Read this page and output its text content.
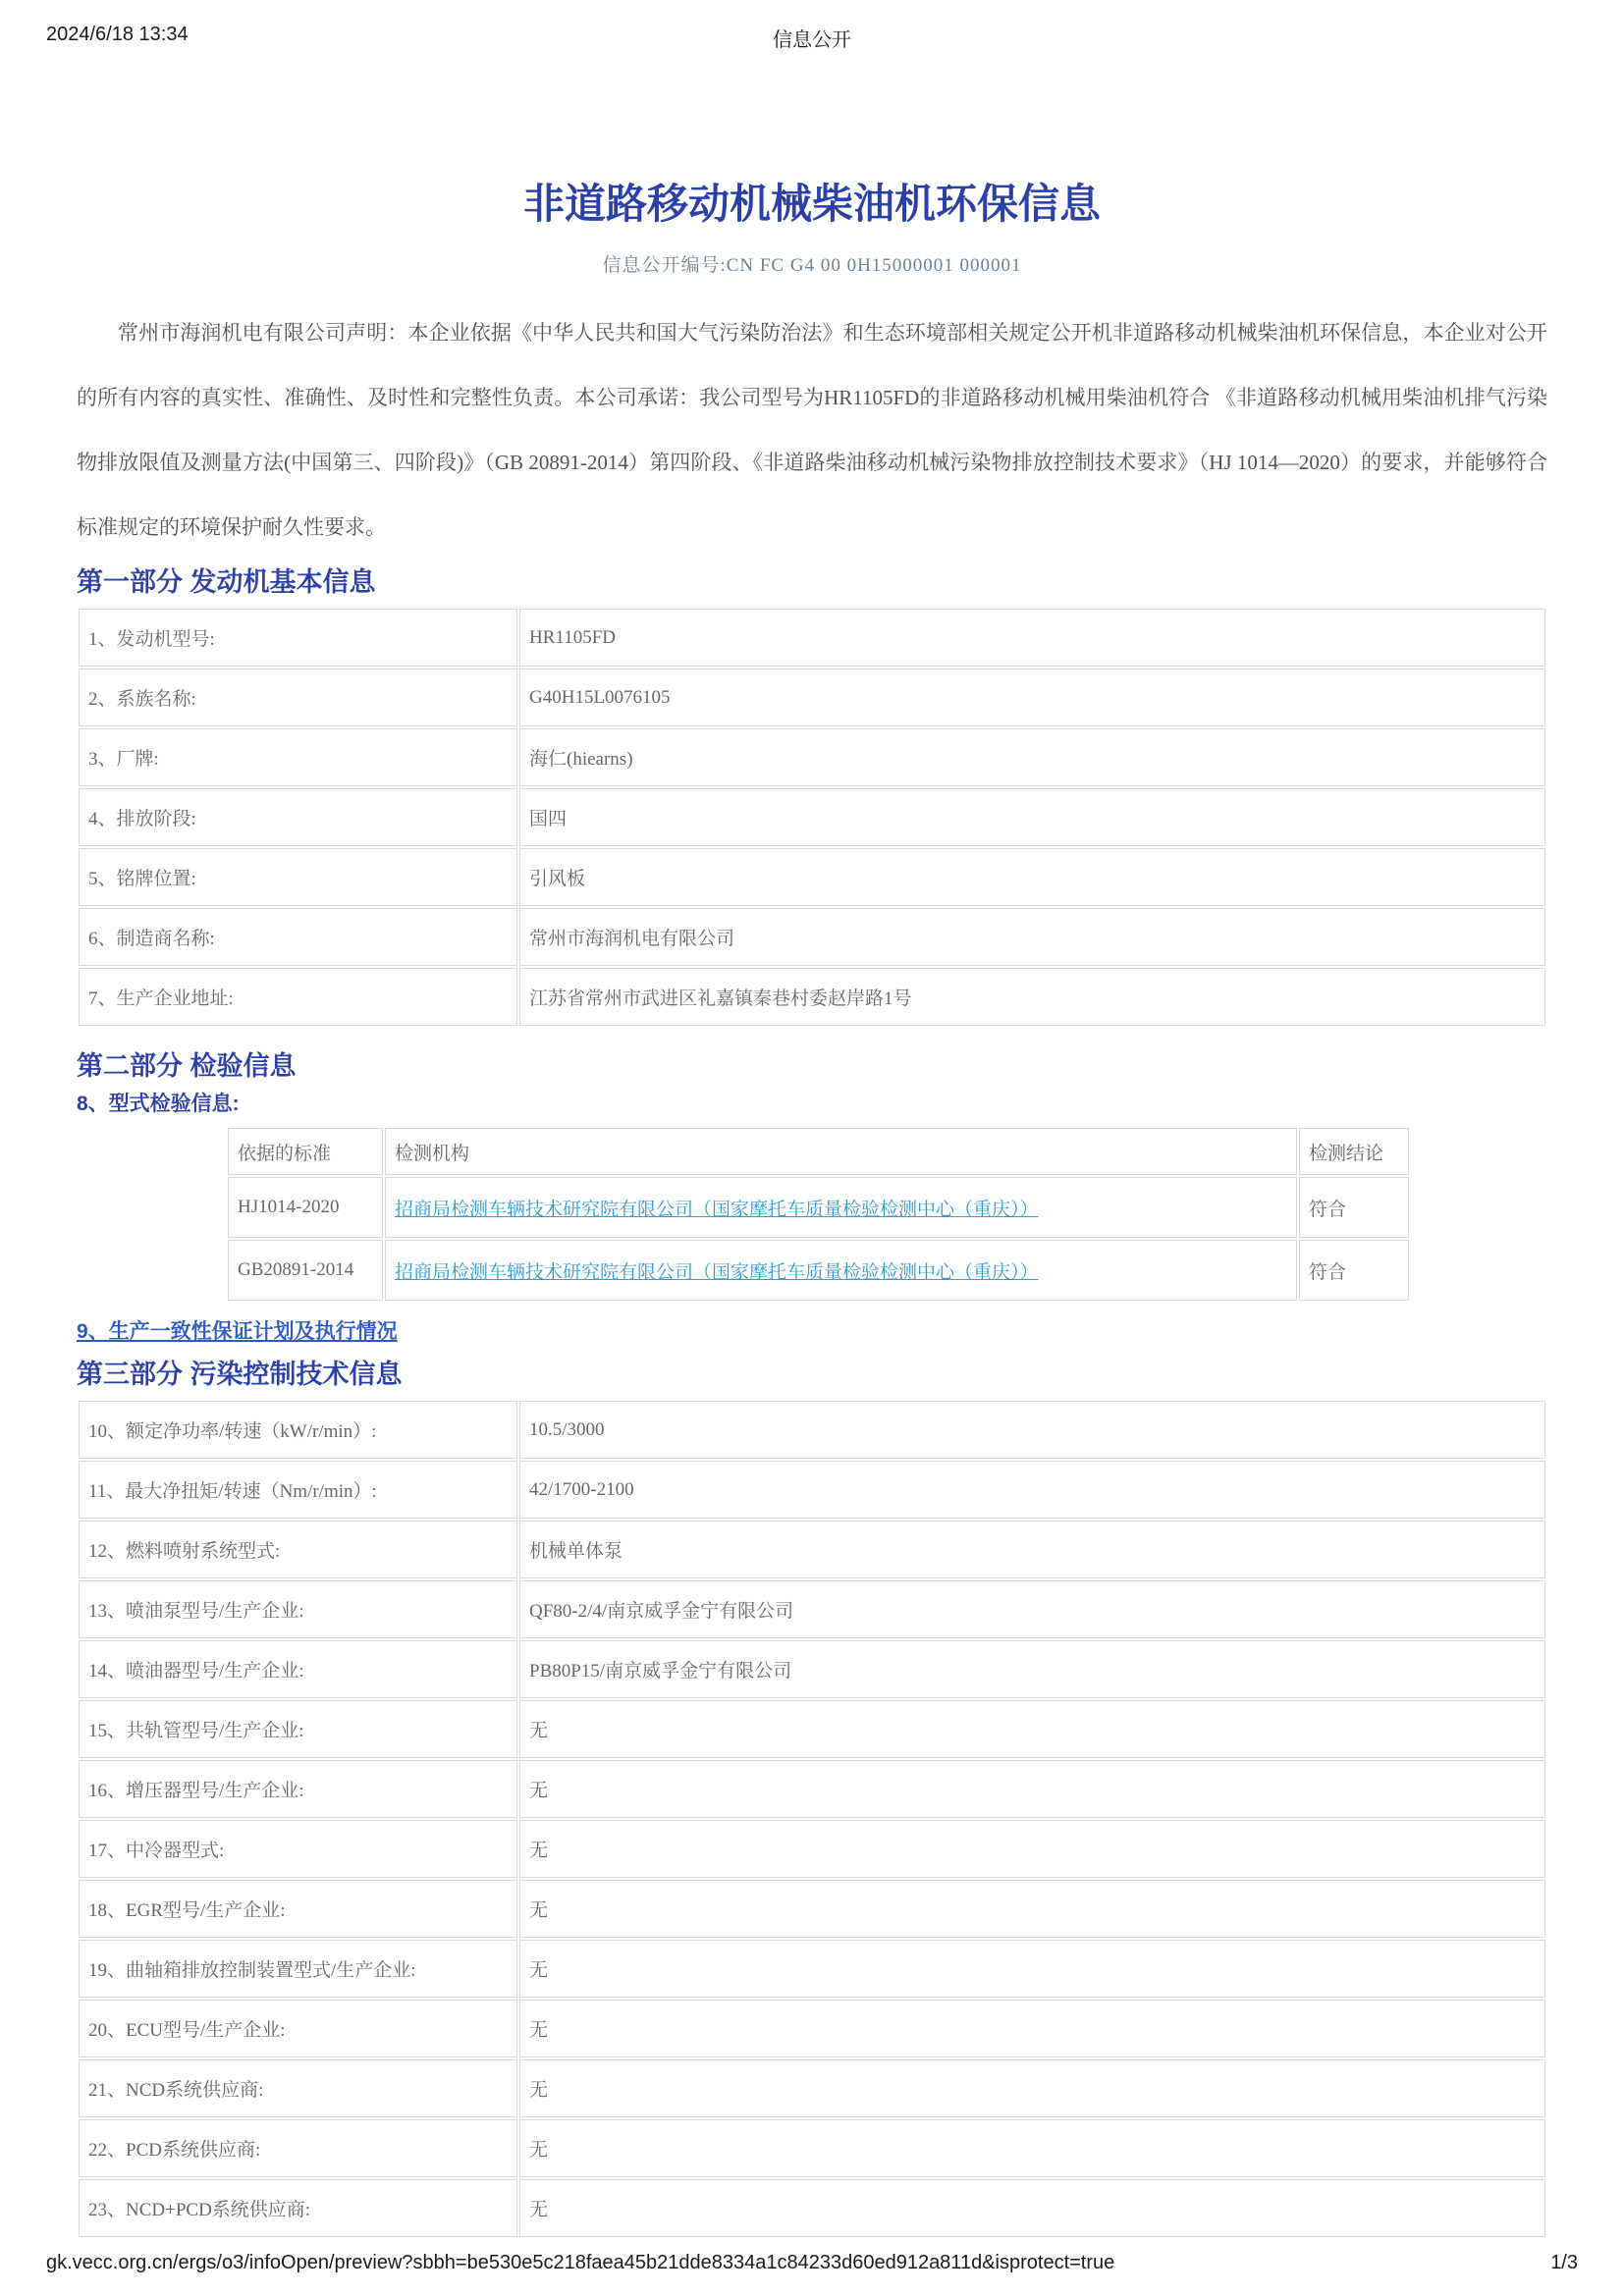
2024/6/18 13:34	信息公开
非道路移动机械柴油机环保信息
信息公开编号:CN FC G4 00 0H15000001 000001

常州市海润机电有限公司声明：本企业依据《中华人民共和国大气污染防治法》和生态环境部相关规定公开机非道路移动机械柴油机环保信息，本企业对公开的所有内容的真实性、准确性、及时性和完整性负责。本公司承诺：我公司型号为HR1105FD的非道路移动机械用柴油机符合 《非道路移动机械用柴油机排气污染物排放限值及测量方法(中国第三、四阶段)》（GB 20891-2014）第四阶段、《非道路柴油移动机械污染物排放控制技术要求》（HJ 1014—2020）的要求，并能够符合标准规定的环境保护耐久性要求。

第一部分 发动机基本信息
1、发动机型号:	HR1105FD
2、系族名称:	G40H15L0076105
3、厂牌:	海仁(hiearns)
4、排放阶段:	国四
5、铭牌位置:	引风板
6、制造商名称:	常州市海润机电有限公司
7、生产企业地址:	江苏省常州市武进区礼嘉镇秦巷村委赵岸路1号
第二部分 检验信息
8、型式检验信息:
依据的标准	检测机构	检测结论
HJ1014-2020	招商局检测车辆技术研究院有限公司（国家摩托车质量检验检测中心（重庆））	符合
GB20891-2014	招商局检测车辆技术研究院有限公司（国家摩托车质量检验检测中心（重庆））	符合
9、生产一致性保证计划及执行情况
第三部分 污染控制技术信息
10、额定净功率/转速（kW/r/min）:	10.5/3000
11、最大净扭矩/转速（Nm/r/min）:	42/1700-2100
12、燃料喷射系统型式:	机械单体泵
13、喷油泵型号/生产企业:	QF80-2/4/南京威孚金宁有限公司
14、喷油器型号/生产企业:	PB80P15/南京威孚金宁有限公司
15、共轨管型号/生产企业:	无
16、增压器型号/生产企业:	无
17、中冷器型式:	无
18、EGR型号/生产企业:	无
19、曲轴箱排放控制装置型式/生产企业:	无
20、ECU型号/生产企业:	无
21、NCD系统供应商:	无
22、PCD系统供应商:	无
23、NCD+PCD系统供应商:	无
gk.vecc.org.cn/ergs/o3/infoOpen/preview?sbbh=be530e5c218faea45b21dde8334a1c84233d60ed912a811d&isprotect=true	1/3
